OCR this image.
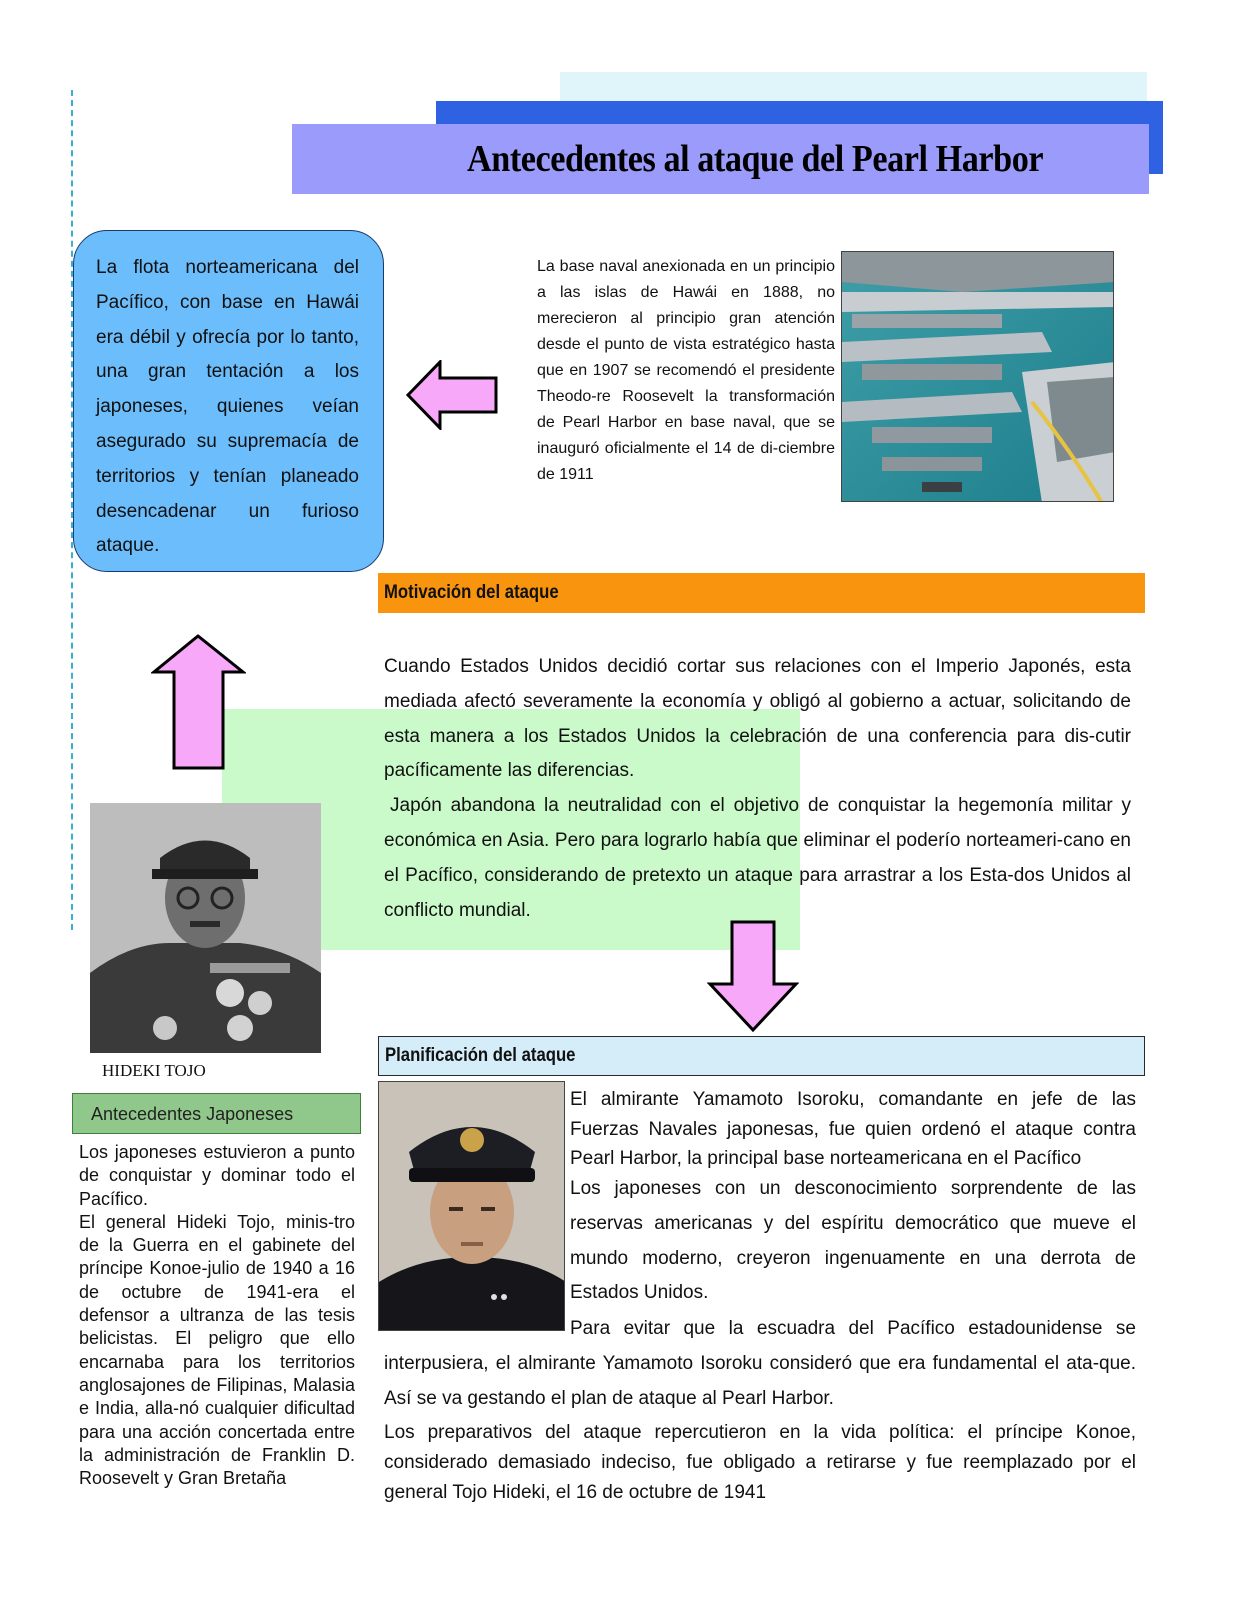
Antecedentes al ataque del Pearl Harbor

La flota norteamericana del Pacífico, con base en Hawái era débil y ofrecía por lo tanto, una gran tentación a los japoneses, quienes veían asegurado su supremacía de territorios y tenían planeado desencadenar un furioso ataque.

La base naval anexionada en un principio a las islas de Hawái en 1888, no merecieron al principio gran atención desde el punto de vista estratégico hasta que en 1907 se recomendó el presidente Theodo-re Roosevelt la transformación de Pearl Harbor en base naval, que se inauguró oficialmente el 14 de di-ciembre de 1911

Motivación del ataque
Cuando Estados Unidos decidió cortar sus relaciones con el Imperio Japonés, esta mediada afectó severamente la economía y obligó al gobierno a actuar, solicitando de esta manera a los Estados Unidos la celebración de una conferencia para dis-cutir pacíficamente las diferencias.
Japón abandona la neutralidad con el objetivo de conquistar la hegemonía militar y económica en Asia. Pero para lograrlo había que eliminar el poderío norteameri-cano en el Pacífico, considerando de pretexto un ataque para arrastrar a los Esta-dos Unidos al conflicto mundial.
HIDEKI TOJO
Antecedentes Japoneses
Los japoneses estuvieron a punto de conquistar y dominar todo el Pacífico.
El general Hideki Tojo, minis-tro de la Guerra en el gabinete del príncipe Konoe-julio de 1940 a 16 de octubre de 1941-era el defensor a ultranza de las tesis belicistas. El peligro que ello encarnaba para los territorios anglosajones de Filipinas, Malasia e India, alla-nó cualquier dificultad para una acción concertada entre la administración de Franklin D. Roosevelt y Gran Bretaña
Planificación del ataque

El almirante Yamamoto Isoroku, comandante en jefe de las Fuerzas Navales japonesas, fue quien ordenó el ataque contra Pearl Harbor, la principal base norteamericana en el Pacífico

Los japoneses con un desconocimiento sorprendente de las reservas americanas y del espíritu democrático que mueve el mundo moderno, creyeron ingenuamente en una derrota de Estados Unidos.

Para evitar que la escuadra del Pacífico estadounidense se interpusiera, el almirante Yamamoto Isoroku consideró que era fundamental el ata-que. Así se va gestando el plan de ataque al Pearl Harbor.

Los preparativos del ataque repercutieron en la vida política: el príncipe Konoe, considerado demasiado indeciso, fue obligado a retirarse y fue reemplazado por el general Tojo Hideki, el 16 de octubre de 1941
